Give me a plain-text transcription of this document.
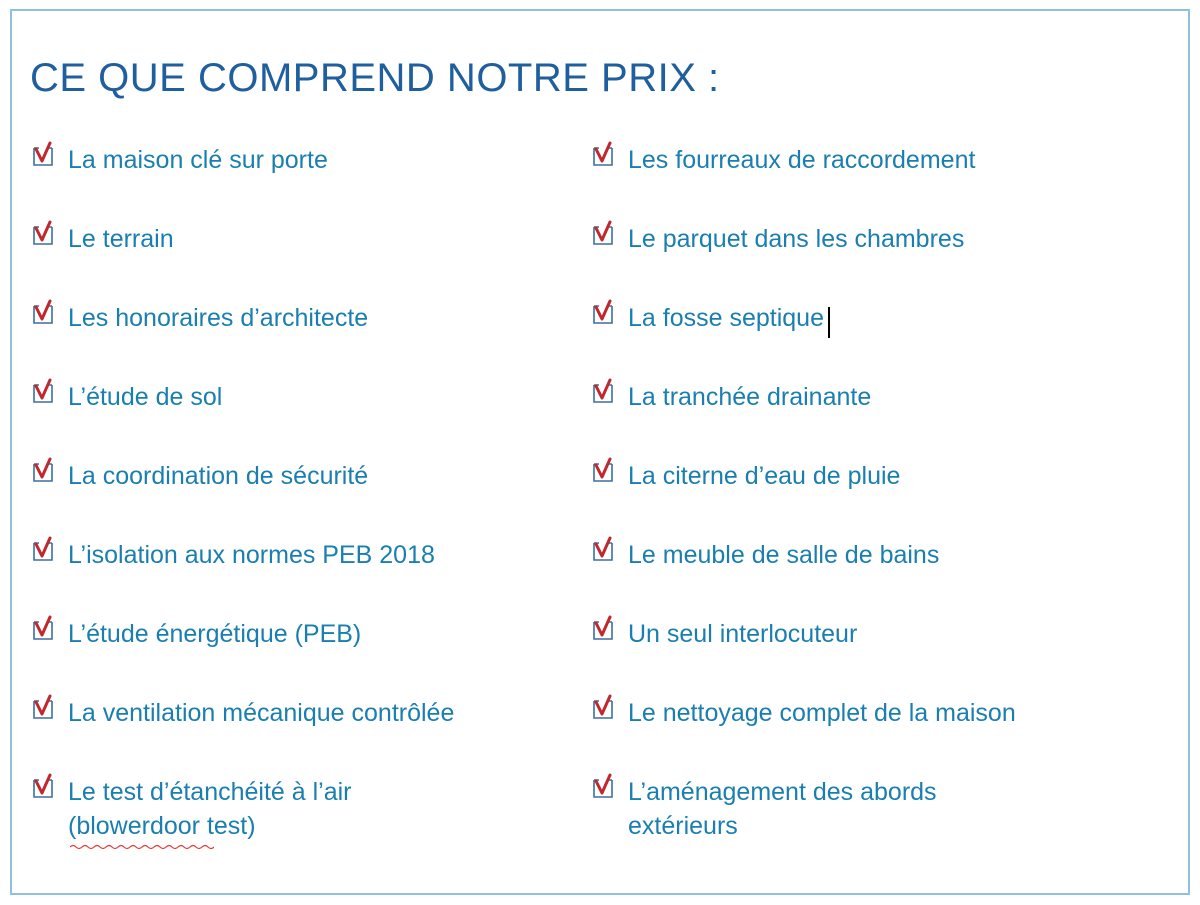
CE QUE COMPREND NOTRE PRIX :
La maison clé sur porte
Le terrain
Les honoraires d’architecte
L’étude de sol
La coordination de sécurité
L’isolation aux normes PEB 2018
L’étude énergétique (PEB)
La ventilation mécanique contrôlée
Le test d’étanchéité à l’air
(blowerdoor test)
Les fourreaux de raccordement
Le parquet dans les chambres
La fosse septique
La tranchée drainante
La citerne d’eau de pluie
Le meuble de salle de bains
Un seul interlocuteur
Le nettoyage complet de la maison
L’aménagement des abords
extérieurs
